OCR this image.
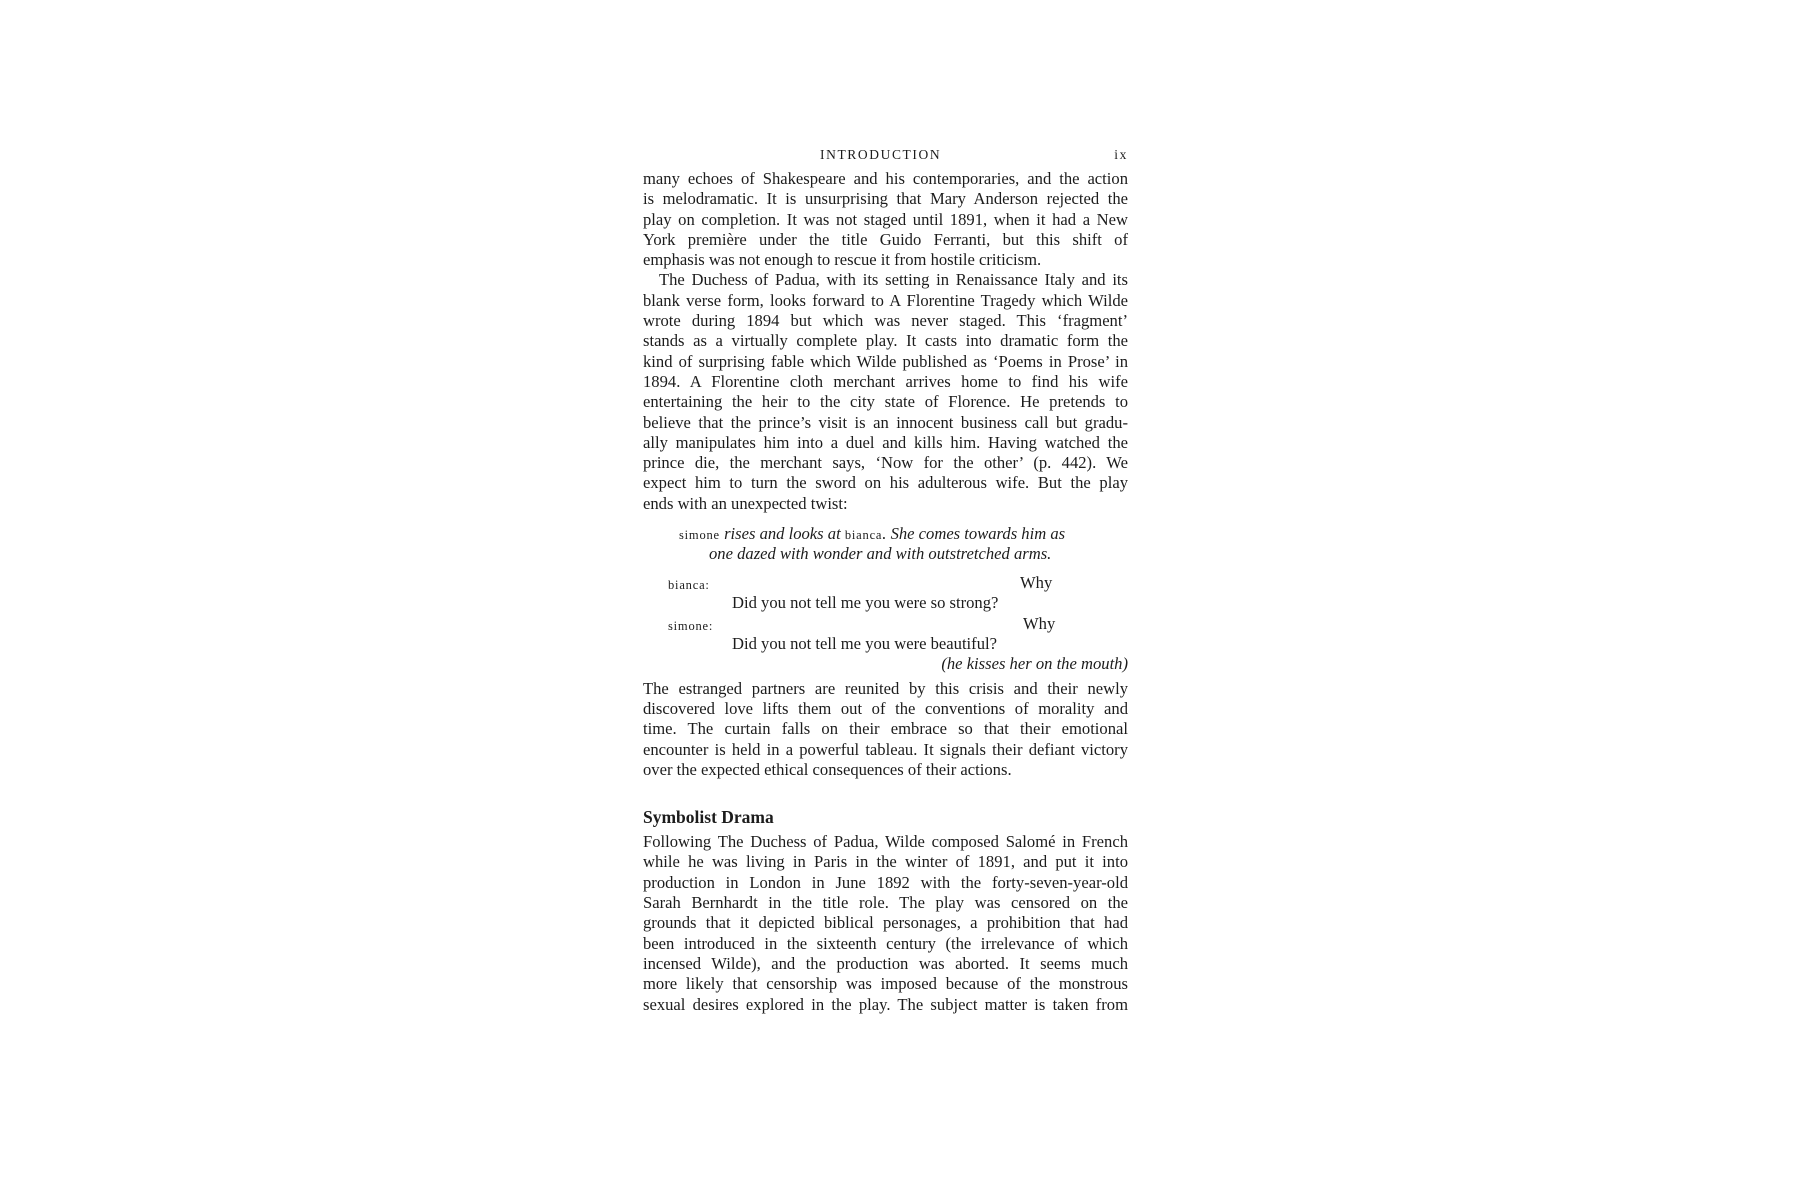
INTRODUCTION	ix
many echoes of Shakespeare and his contemporaries, and the action
is melodramatic. It is unsurprising that Mary Anderson rejected the
play on completion. It was not staged until 1891, when it had a New
York première under the title Guido Ferranti, but this shift of
emphasis was not enough to rescue it from hostile criticism.
The Duchess of Padua, with its setting in Renaissance Italy and its
blank verse form, looks forward to A Florentine Tragedy which Wilde
wrote during 1894 but which was never staged. This ‘fragment’
stands as a virtually complete play. It casts into dramatic form the
kind of surprising fable which Wilde published as ‘Poems in Prose’ in
1894. A Florentine cloth merchant arrives home to find his wife
entertaining the heir to the city state of Florence. He pretends to
believe that the prince’s visit is an innocent business call but gradu-
ally manipulates him into a duel and kills him. Having watched the
prince die, the merchant says, ‘Now for the other’ (p. 442). We
expect him to turn the sword on his adulterous wife. But the play
ends with an unexpected twist:
simone rises and looks at bianca. She comes towards him as
one dazed with wonder and with outstretched arms.
bianca:	Why
Did you not tell me you were so strong?
simone:	Why
Did you not tell me you were beautiful?
(he kisses her on the mouth)
The estranged partners are reunited by this crisis and their newly
discovered love lifts them out of the conventions of morality and
time. The curtain falls on their embrace so that their emotional
encounter is held in a powerful tableau. It signals their defiant victory
over the expected ethical consequences of their actions.
Symbolist Drama
Following The Duchess of Padua, Wilde composed Salomé in French
while he was living in Paris in the winter of 1891, and put it into
production in London in June 1892 with the forty-seven-year-old
Sarah Bernhardt in the title role. The play was censored on the
grounds that it depicted biblical personages, a prohibition that had
been introduced in the sixteenth century (the irrelevance of which
incensed Wilde), and the production was aborted. It seems much
more likely that censorship was imposed because of the monstrous
sexual desires explored in the play. The subject matter is taken from
